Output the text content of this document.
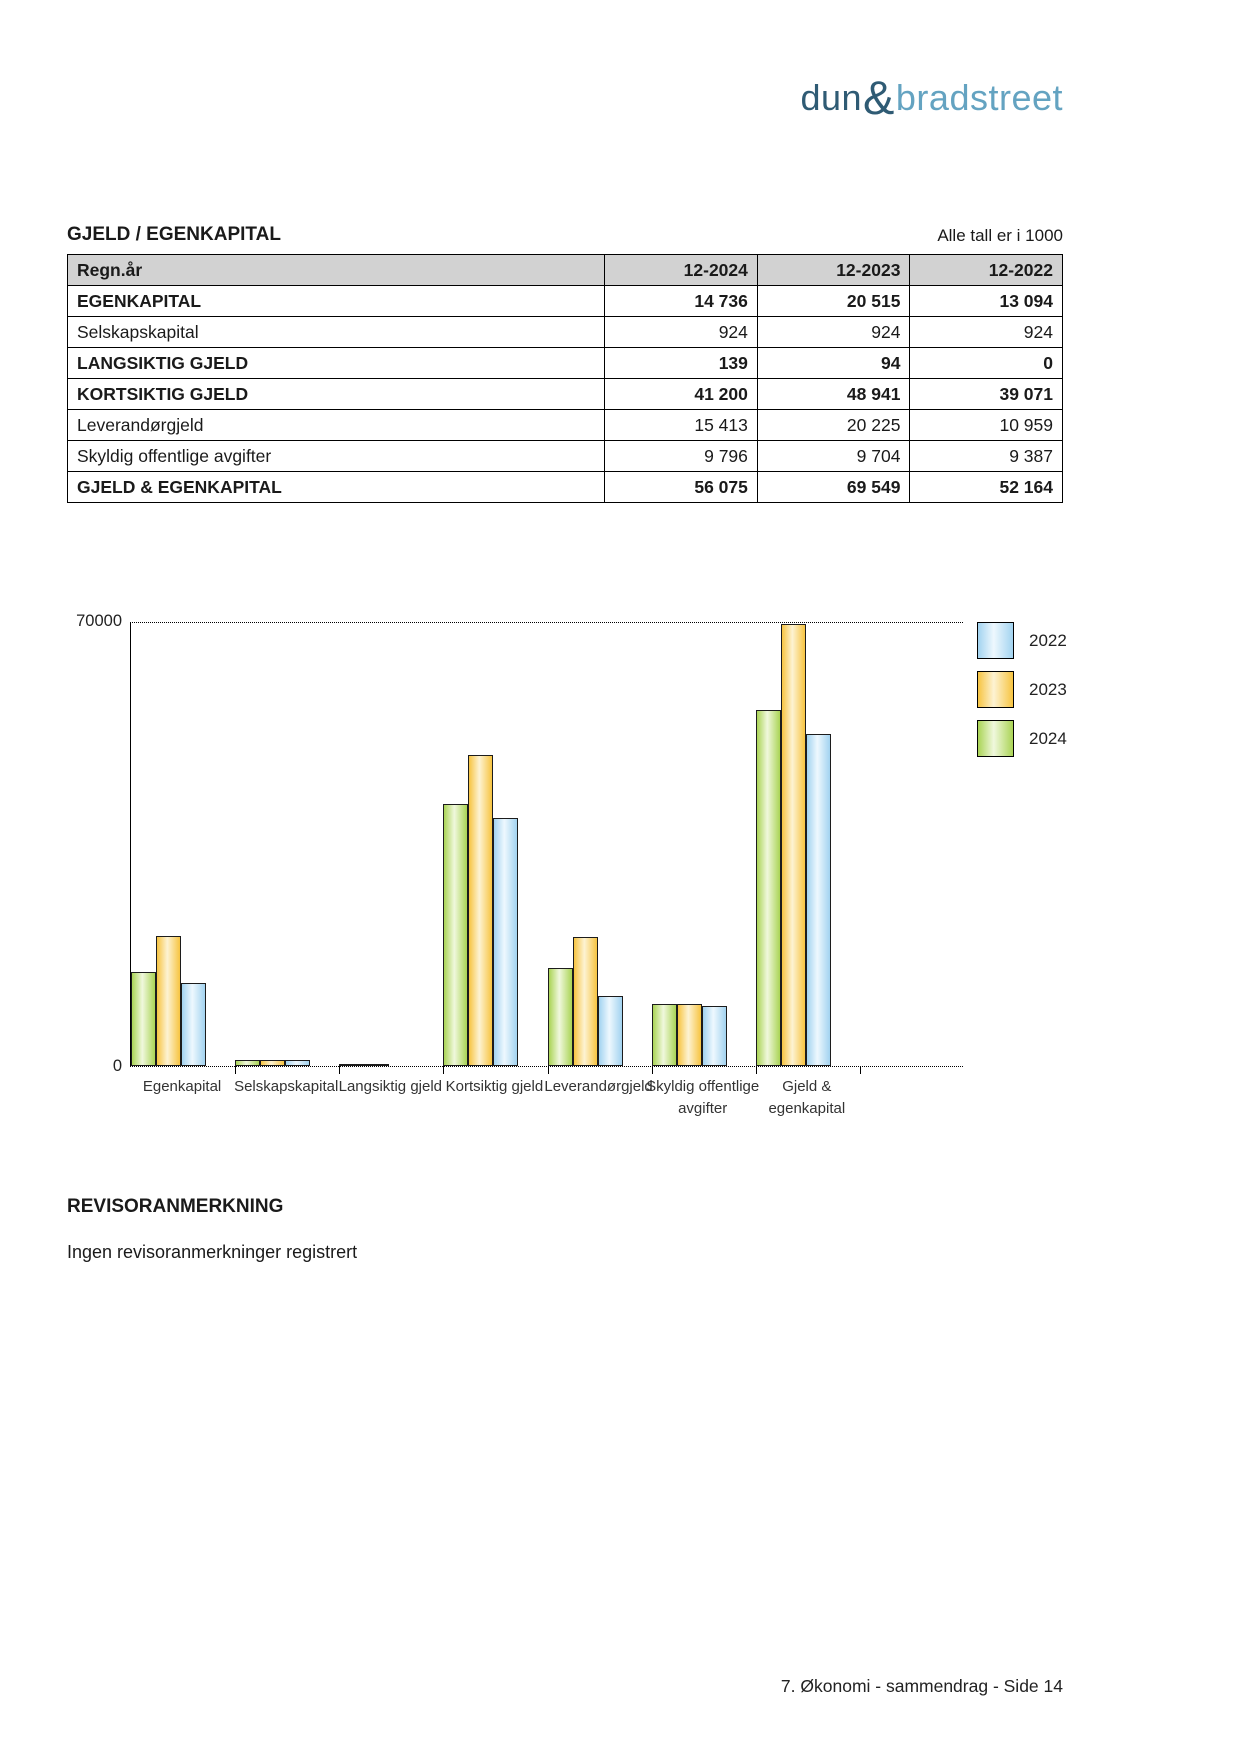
dun & bradstreet
GJELD / EGENKAPITAL	Alle tall er i 1000
Regn.år	12-2024	12-2023	12-2022
EGENKAPITAL	14 736	20 515	13 094
Selskapskapital	924	924	924
LANGSIKTIG GJELD	139	94	0
KORTSIKTIG GJELD	41 200	48 941	39 071
Leverandørgjeld	15 413	20 225	10 959
Skyldig offentlige avgifter	9 796	9 704	9 387
GJELD & EGENKAPITAL	56 075	69 549	52 164
70000
0
Egenkapital Selskapskapital Langsiktig gjeld Kortsiktig gjeld Leverandørgjeld
Skyldig offentlige avgifter
Gjeld & egenkapital
2022
2023
2024
REVISORANMERKNING

Ingen revisoranmerkninger registrert

7. Økonomi - sammendrag - Side 14
